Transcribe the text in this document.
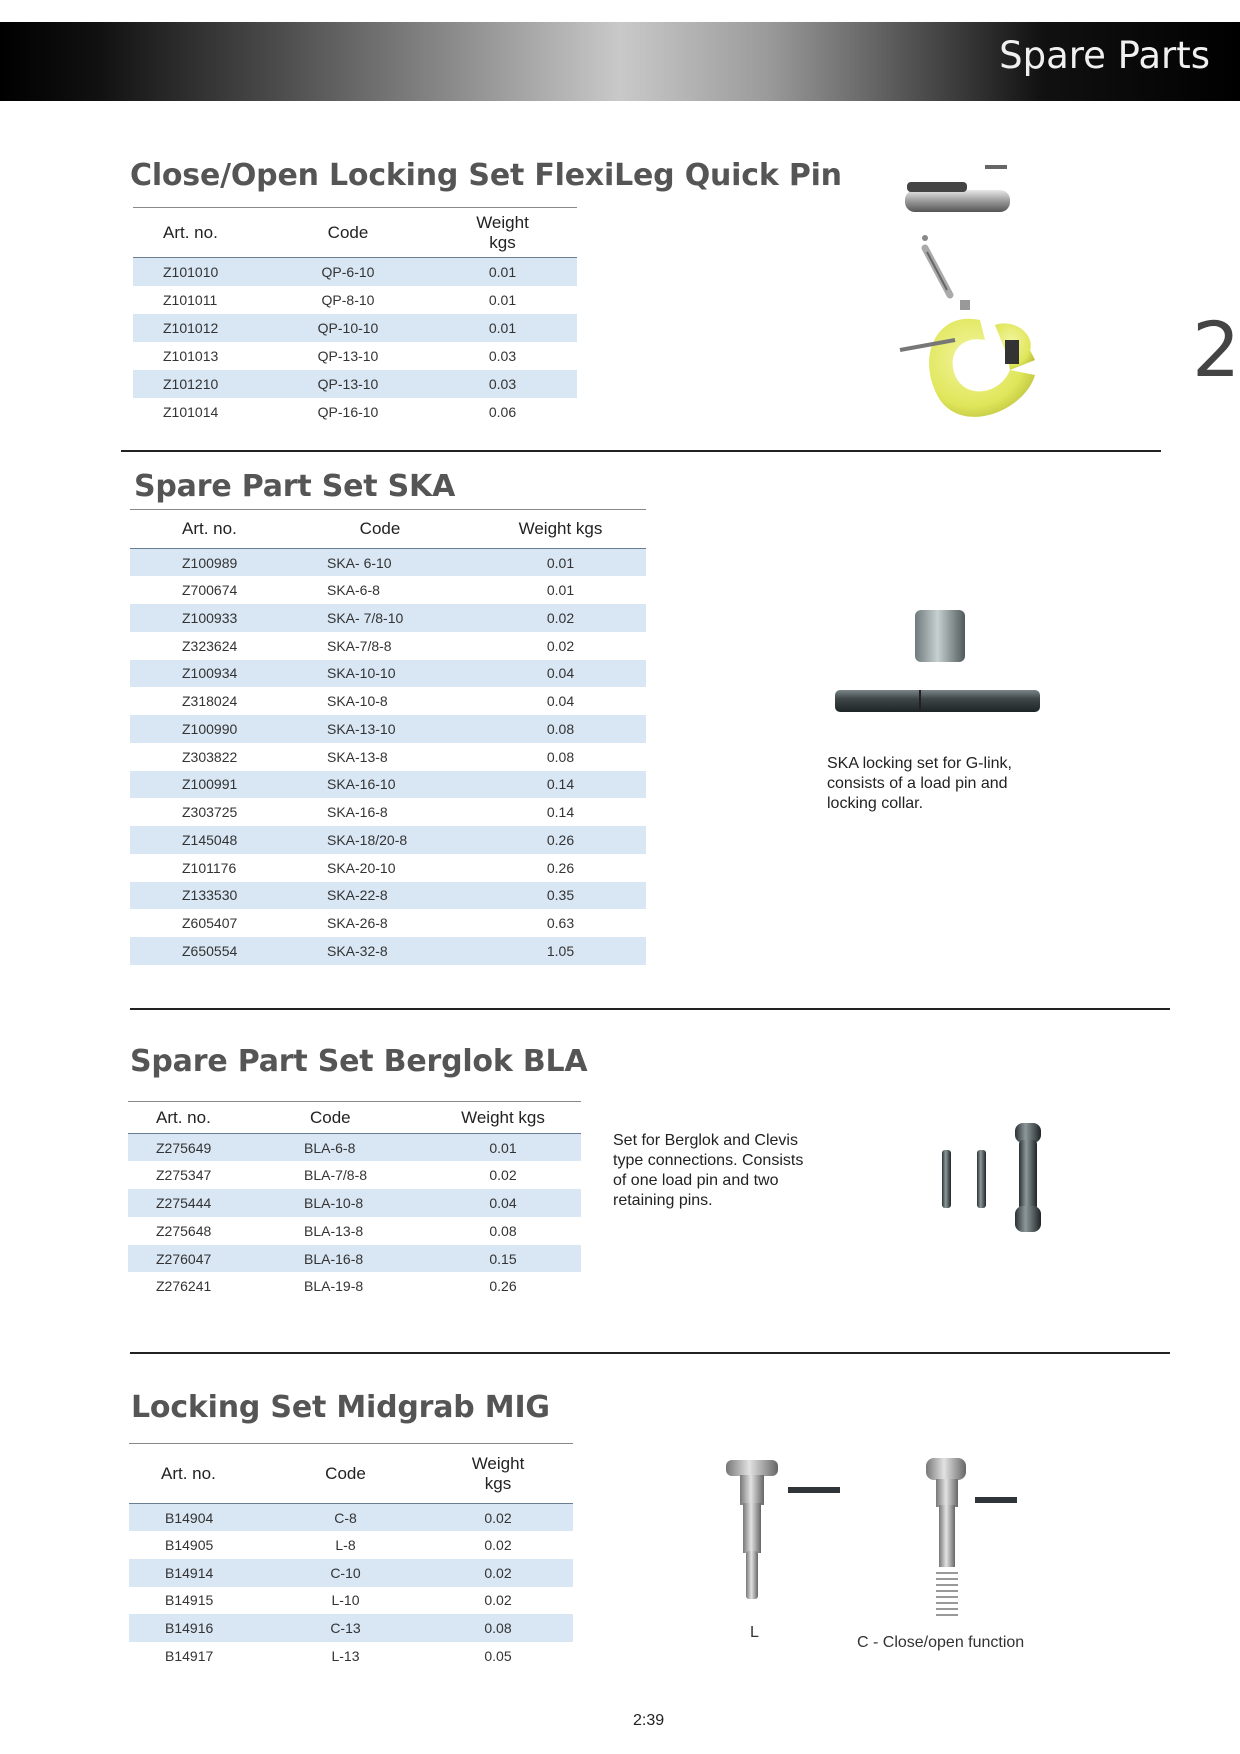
Spare Parts
2
Close/Open Locking Set FlexiLeg Quick Pin
Art. no.	Code	Weight
kgs
Z101010	QP-6-10	0.01
Z101011	QP-8-10	0.01
Z101012	QP-10-10	0.01
Z101013	QP-13-10	0.03
Z101210	QP-13-10	0.03
Z101014	QP-16-10	0.06
Spare Part Set SKA
Art. no.	Code	Weight kgs
Z100989	SKA- 6-10	0.01
Z700674	SKA-6-8	0.01
Z100933	SKA- 7/8-10	0.02
Z323624	SKA-7/8-8	0.02
Z100934	SKA-10-10	0.04
Z318024	SKA-10-8	0.04
Z100990	SKA-13-10	0.08
Z303822	SKA-13-8	0.08
Z100991	SKA-16-10	0.14
Z303725	SKA-16-8	0.14
Z145048	SKA-18/20-8	0.26
Z101176	SKA-20-10	0.26
Z133530	SKA-22-8	0.35
Z605407	SKA-26-8	0.63
Z650554	SKA-32-8	1.05

SKA locking set for G-link,
consists of a load pin and
locking collar.

Spare Part Set Berglok BLA
Art. no.	Code	Weight kgs
Z275649	BLA-6-8	0.01
Z275347	BLA-7/8-8	0.02
Z275444	BLA-10-8	0.04
Z275648	BLA-13-8	0.08
Z276047	BLA-16-8	0.15
Z276241	BLA-19-8	0.26

Set for Berglok and Clevis
type connections. Consists
of one load pin and two
retaining pins.

Locking Set Midgrab MIG
Art. no.	Code	Weight
kgs
B14904	C-8	0.02
B14905	L-8	0.02
B14914	C-10	0.02
B14915	L-10	0.02
B14916	C-13	0.08
B14917	L-13	0.05
L
C - Close/open function
2:39
